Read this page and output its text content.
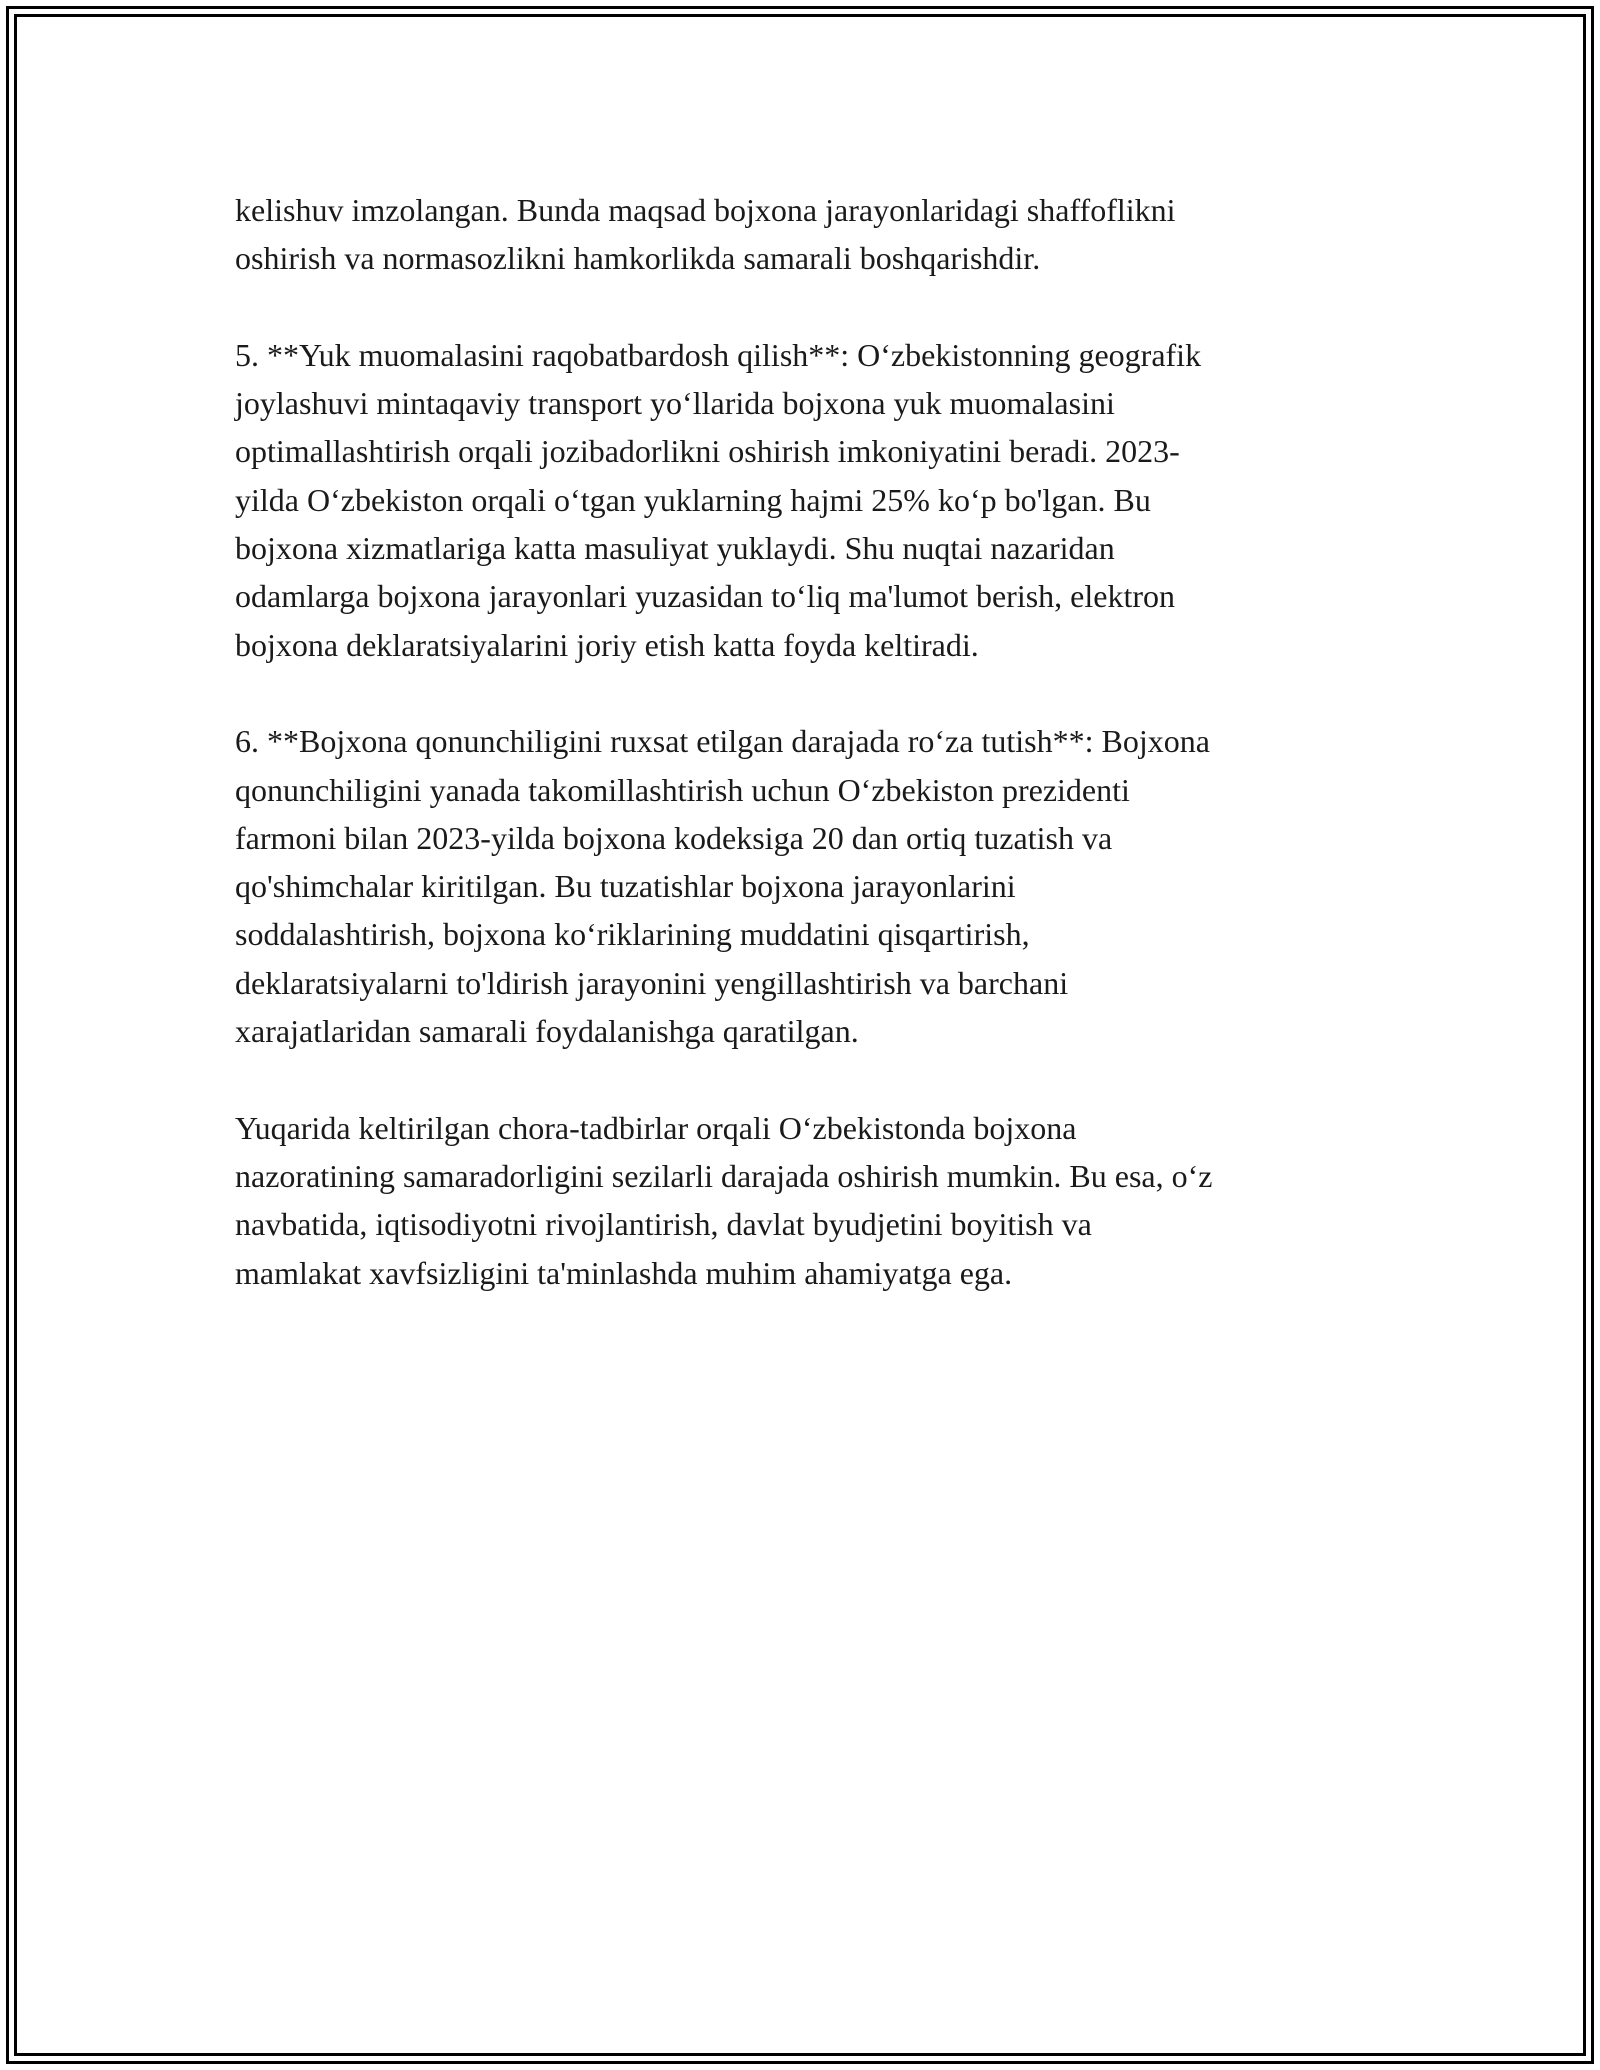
kelishuv imzolangan. Bunda maqsad bojxona jarayonlaridagi shaffoflikni
oshirish va normasozlikni hamkorlikda samarali boshqarishdir.

5. **Yuk muomalasini raqobatbardosh qilish**: O‘zbekistonning geografik
joylashuvi mintaqaviy transport yo‘llarida bojxona yuk muomalasini
optimallashtirish orqali jozibadorlikni oshirish imkoniyatini beradi. 2023-
yilda O‘zbekiston orqali o‘tgan yuklarning hajmi 25% ko‘p bo'lgan. Bu
bojxona xizmatlariga katta masuliyat yuklaydi. Shu nuqtai nazaridan
odamlarga bojxona jarayonlari yuzasidan to‘liq ma'lumot berish, elektron
bojxona deklaratsiyalarini joriy etish katta foyda keltiradi.

6. **Bojxona qonunchiligini ruxsat etilgan darajada ro‘za tutish**: Bojxona
qonunchiligini yanada takomillashtirish uchun O‘zbekiston prezidenti
farmoni bilan 2023-yilda bojxona kodeksiga 20 dan ortiq tuzatish va
qo'shimchalar kiritilgan. Bu tuzatishlar bojxona jarayonlarini
soddalashtirish, bojxona ko‘riklarining muddatini qisqartirish,
deklaratsiyalarni to'ldirish jarayonini yengillashtirish va barchani
xarajatlaridan samarali foydalanishga qaratilgan.

Yuqarida keltirilgan chora-tadbirlar orqali O‘zbekistonda bojxona
nazoratining samaradorligini sezilarli darajada oshirish mumkin. Bu esa, o‘z
navbatida, iqtisodiyotni rivojlantirish, davlat byudjetini boyitish va
mamlakat xavfsizligini ta'minlashda muhim ahamiyatga ega.
